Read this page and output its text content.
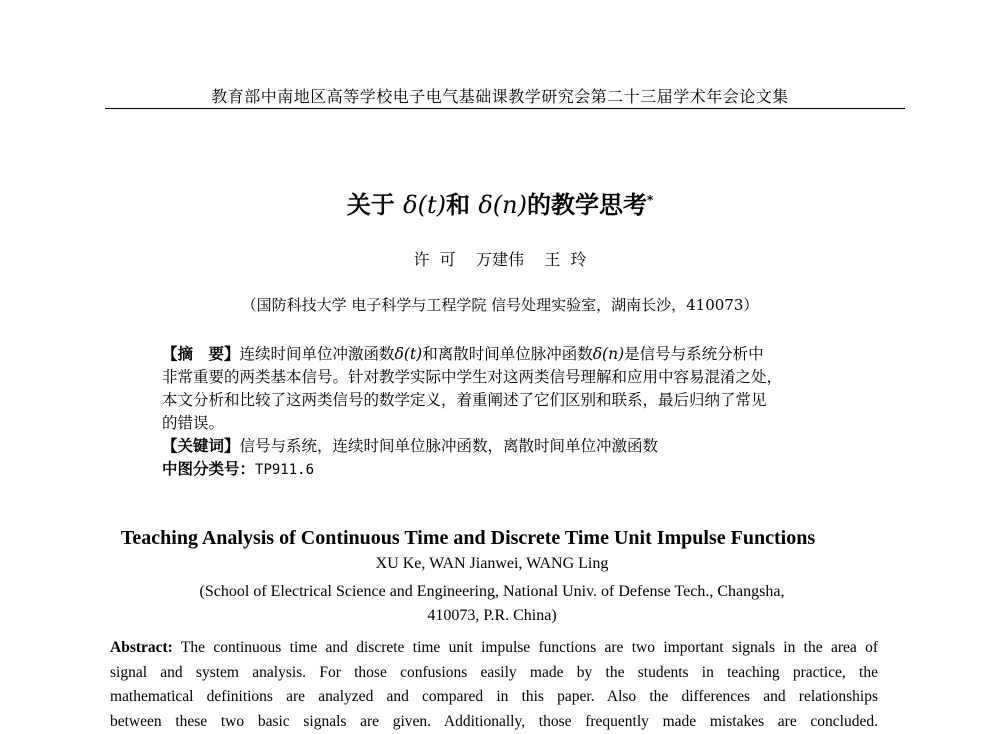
教育部中南地区高等学校电子电气基础课教学研究会第二十三届学术年会论文集
关于 δ(t)和 δ(n)的教学思考*
许  可    万建伟    王  玲
（国防科技大学 电子科学与工程学院 信号处理实验室，湖南长沙，410073）

【摘　要】连续时间单位冲激函数δ(t)和离散时间单位脉冲函数δ(n)是信号与系统分析中

非常重要的两类基本信号。针对教学实际中学生对这两类信号理解和应用中容易混淆之处，

本文分析和比较了这两类信号的数学定义，着重阐述了它们区别和联系，最后归纳了常见

的错误。

【关键词】信号与系统，连续时间单位脉冲函数，离散时间单位冲激函数

中图分类号：TP911.6

Teaching Analysis of Continuous Time and Discrete Time Unit Impulse Functions
XU Ke, WAN Jianwei, WANG Ling
(School of Electrical Science and Engineering, National Univ. of Defense Tech., Changsha,
410073, P.R. China)
Abstract: The continuous time and discrete time unit impulse functions are two important signals in the area of
signal and system analysis. For those confusions easily made by the students in teaching practice, the
mathematical definitions are analyzed and compared in this paper. Also the differences and relationships
between these two basic signals are given. Additionally, those frequently made mistakes are concluded.
